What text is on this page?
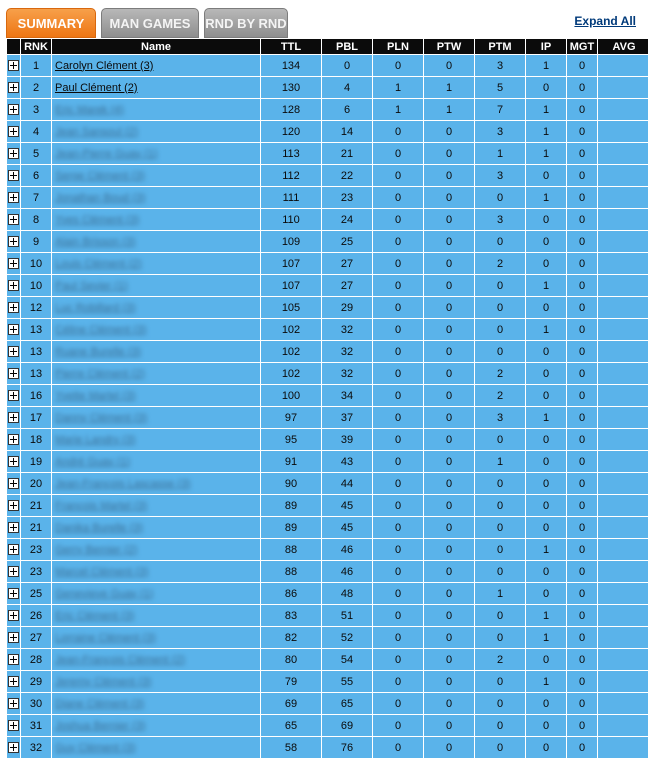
SUMMARY	MAN GAMES	RND BY RND	Expand All
	RNK	Name	TTL	PBL	PLN	PTW	PTM	IP	MGT	AVG
	1	Carolyn Clément (3)	134	0	0	0	3	1	0	
	2	Paul Clément (2)	130	4	1	1	5	0	0	
	3	Eric Marek (4)	128	6	1	1	7	1	0	
	4	Jean Sansoul (2)	120	14	0	0	3	1	0	
	5	Jean-Pierre Guay (1)	113	21	0	0	1	1	0	
	6	Serge Clément (3)	112	22	0	0	3	0	0	
	7	Jonathan Boud (3)	111	23	0	0	0	1	0	
	8	Yves Clément (3)	110	24	0	0	3	0	0	
	9	Alain Brisson (3)	109	25	0	0	0	0	0	
	10	Louis Clément (2)	107	27	0	0	2	0	0	
	10	Paul Sevier (1)	107	27	0	0	0	1	0	
	12	Luc Robillard (3)	105	29	0	0	0	0	0	
	13	Céline Clément (3)	102	32	0	0	0	1	0	
	13	Ruane Burelle (3)	102	32	0	0	0	0	0	
	13	Pierre Clément (2)	102	32	0	0	2	0	0	
	16	Yvette Martel (3)	100	34	0	0	2	0	0	
	17	Danny Clément (3)	97	37	0	0	3	1	0	
	18	Marie Landry (3)	95	39	0	0	0	0	0	
	19	André Guay (1)	91	43	0	0	1	0	0	
	20	Jean-François Lascasse (3)	90	44	0	0	0	0	0	
	21	François Martel (3)	89	45	0	0	0	0	0	
	21	Danika Burelle (3)	89	45	0	0	0	0	0	
	23	Gerry Bernier (2)	88	46	0	0	0	1	0	
	23	Marcel Clément (3)	88	46	0	0	0	0	0	
	25	Genevieve Guay (1)	86	48	0	0	1	0	0	
	26	Eric Clément (3)	83	51	0	0	0	1	0	
	27	Lorraine Clément (3)	82	52	0	0	0	1	0	
	28	Jean-François Clément (2)	80	54	0	0	2	0	0	
	29	Jeremy Clément (3)	79	55	0	0	0	1	0	
	30	Diane Clément (3)	69	65	0	0	0	0	0	
	31	Joshua Bernier (3)	65	69	0	0	0	0	0	
	32	Guy Clément (3)	58	76	0	0	0	0	0	
